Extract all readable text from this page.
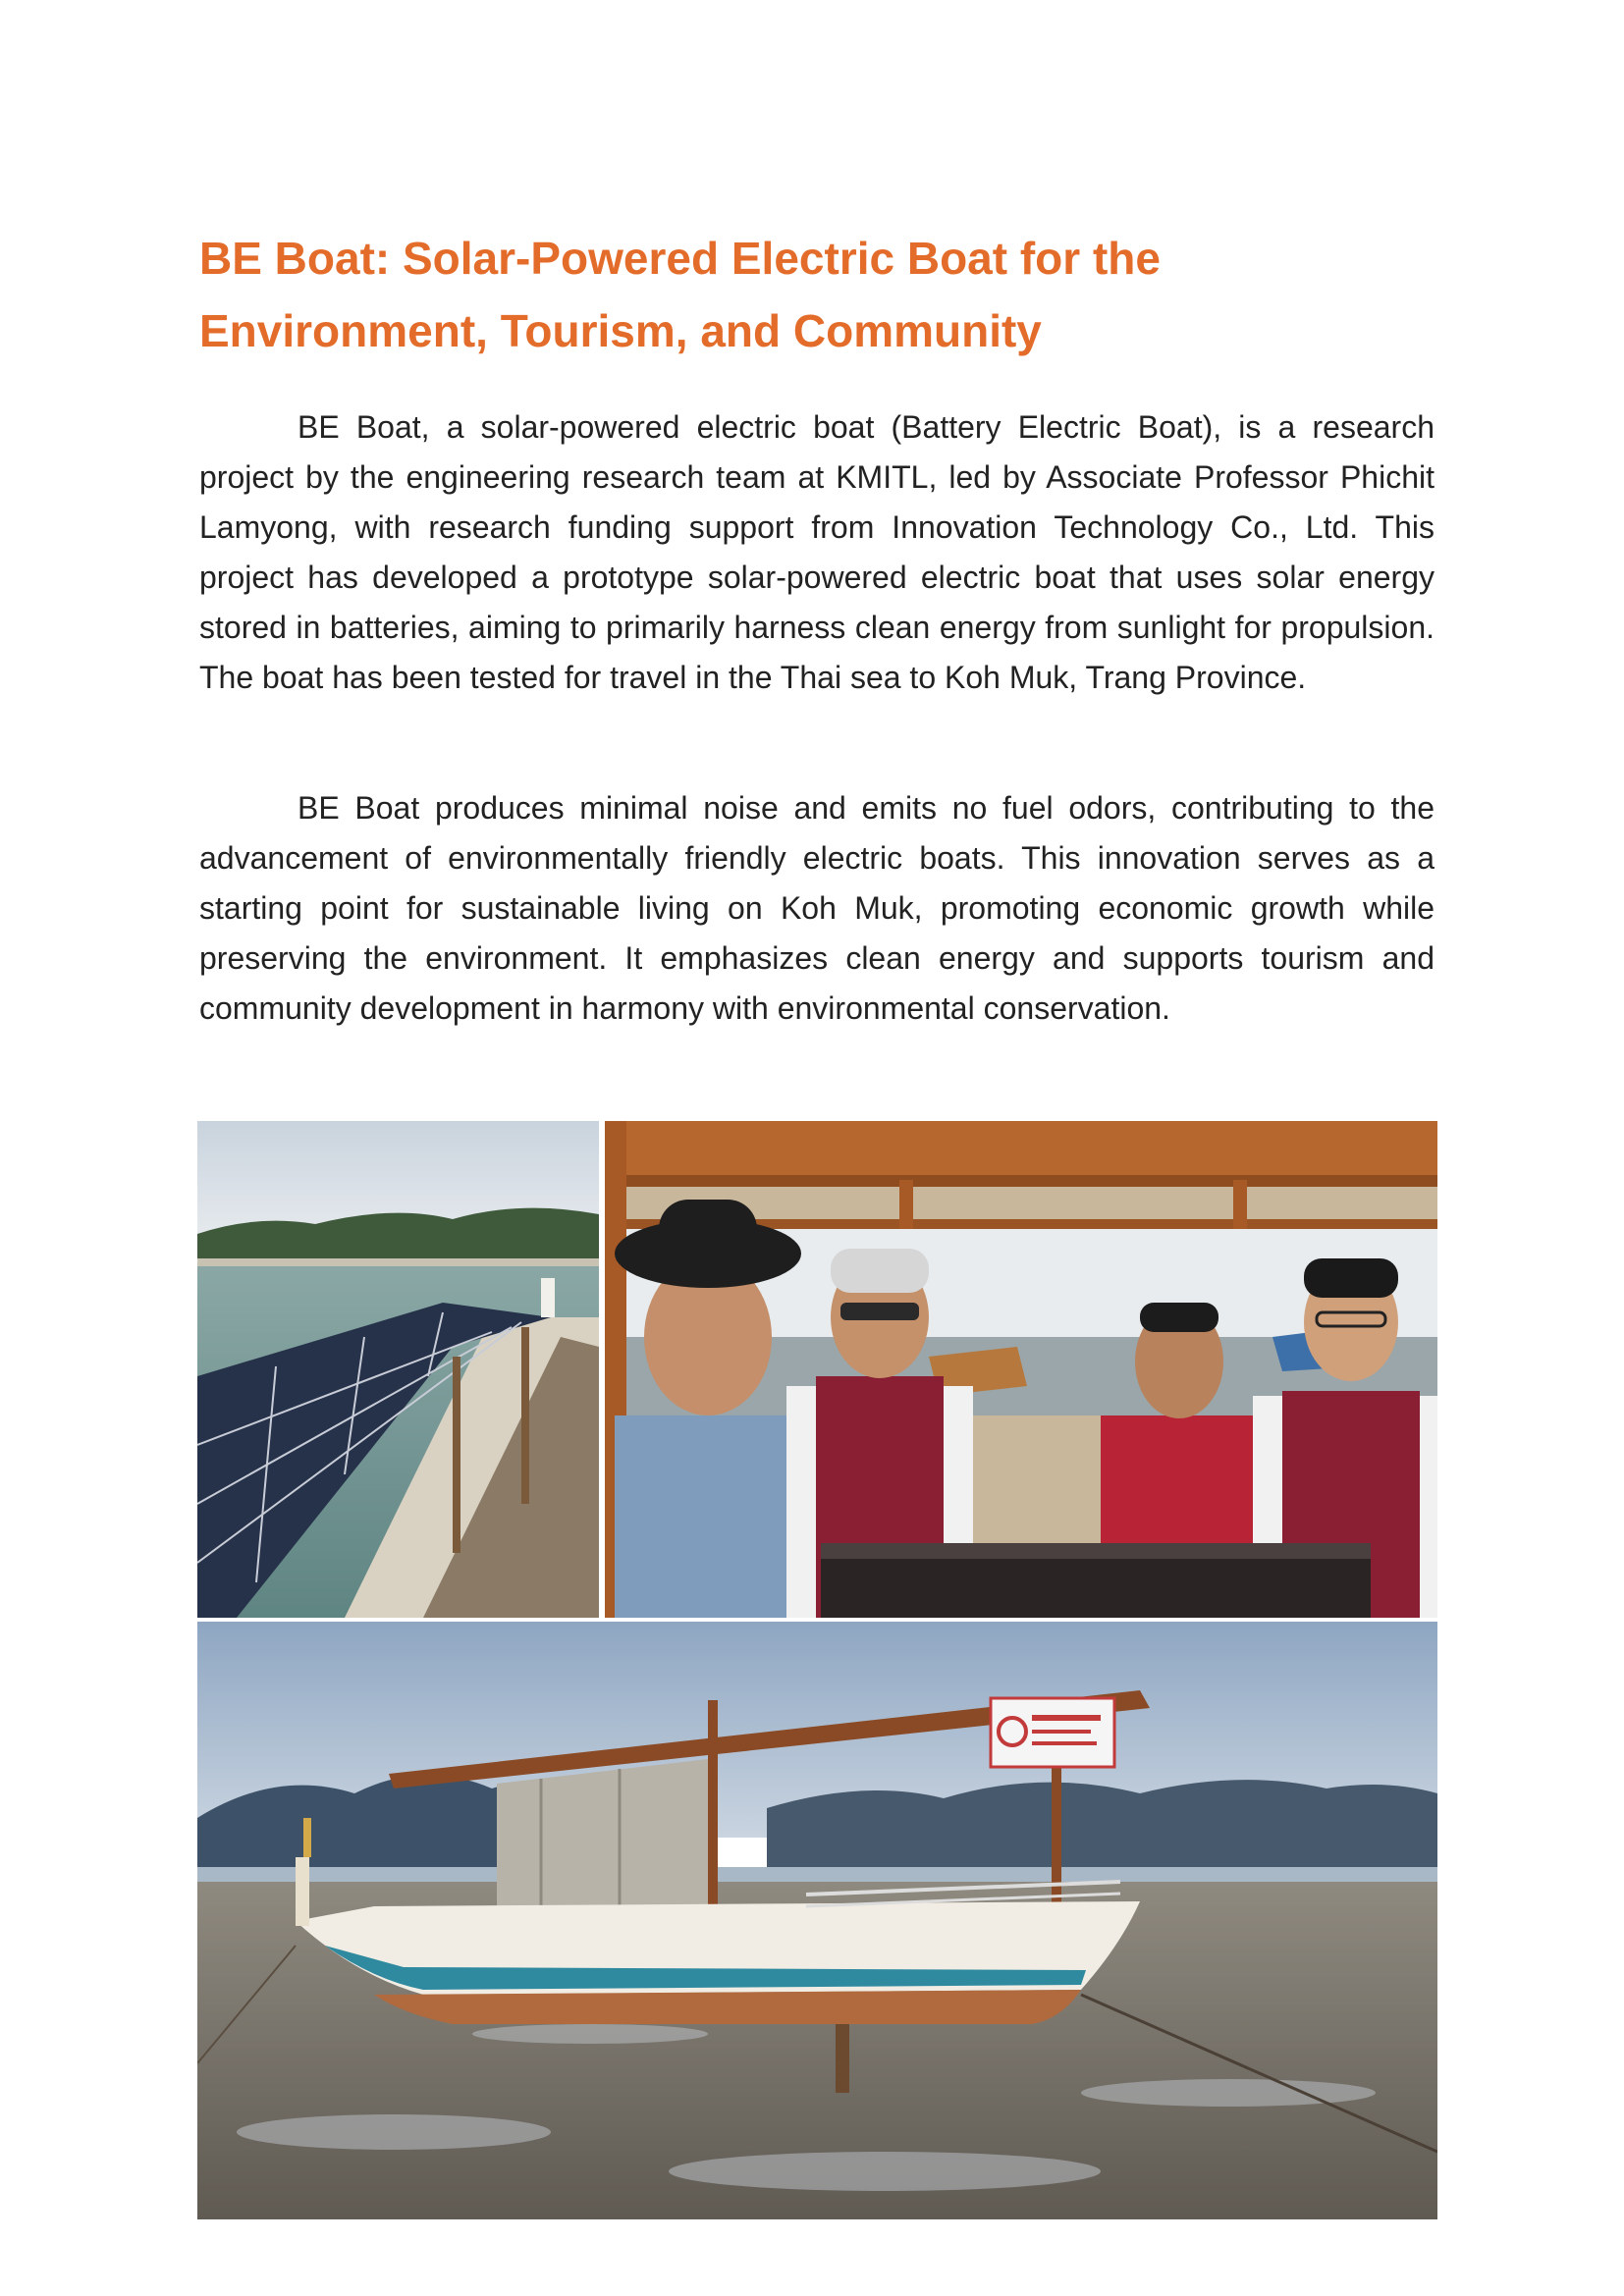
BE Boat: Solar-Powered Electric Boat for the Environment, Tourism, and Community

BE Boat, a solar-powered electric boat (Battery Electric Boat), is a research project by the engineering research team at KMITL, led by Associate Professor Phichit Lamyong, with research funding support from Innovation Technology Co., Ltd. This project has developed a prototype solar-powered electric boat that uses solar energy stored in batteries, aiming to primarily harness clean energy from sunlight for propulsion. The boat has been tested for travel in the Thai sea to Koh Muk, Trang Province.

BE Boat produces minimal noise and emits no fuel odors, contributing to the advancement of environmentally friendly electric boats. This innovation serves as a starting point for sustainable living on Koh Muk, promoting economic growth while preserving the environment. It emphasizes clean energy and supports tourism and community development in harmony with environmental conservation.
